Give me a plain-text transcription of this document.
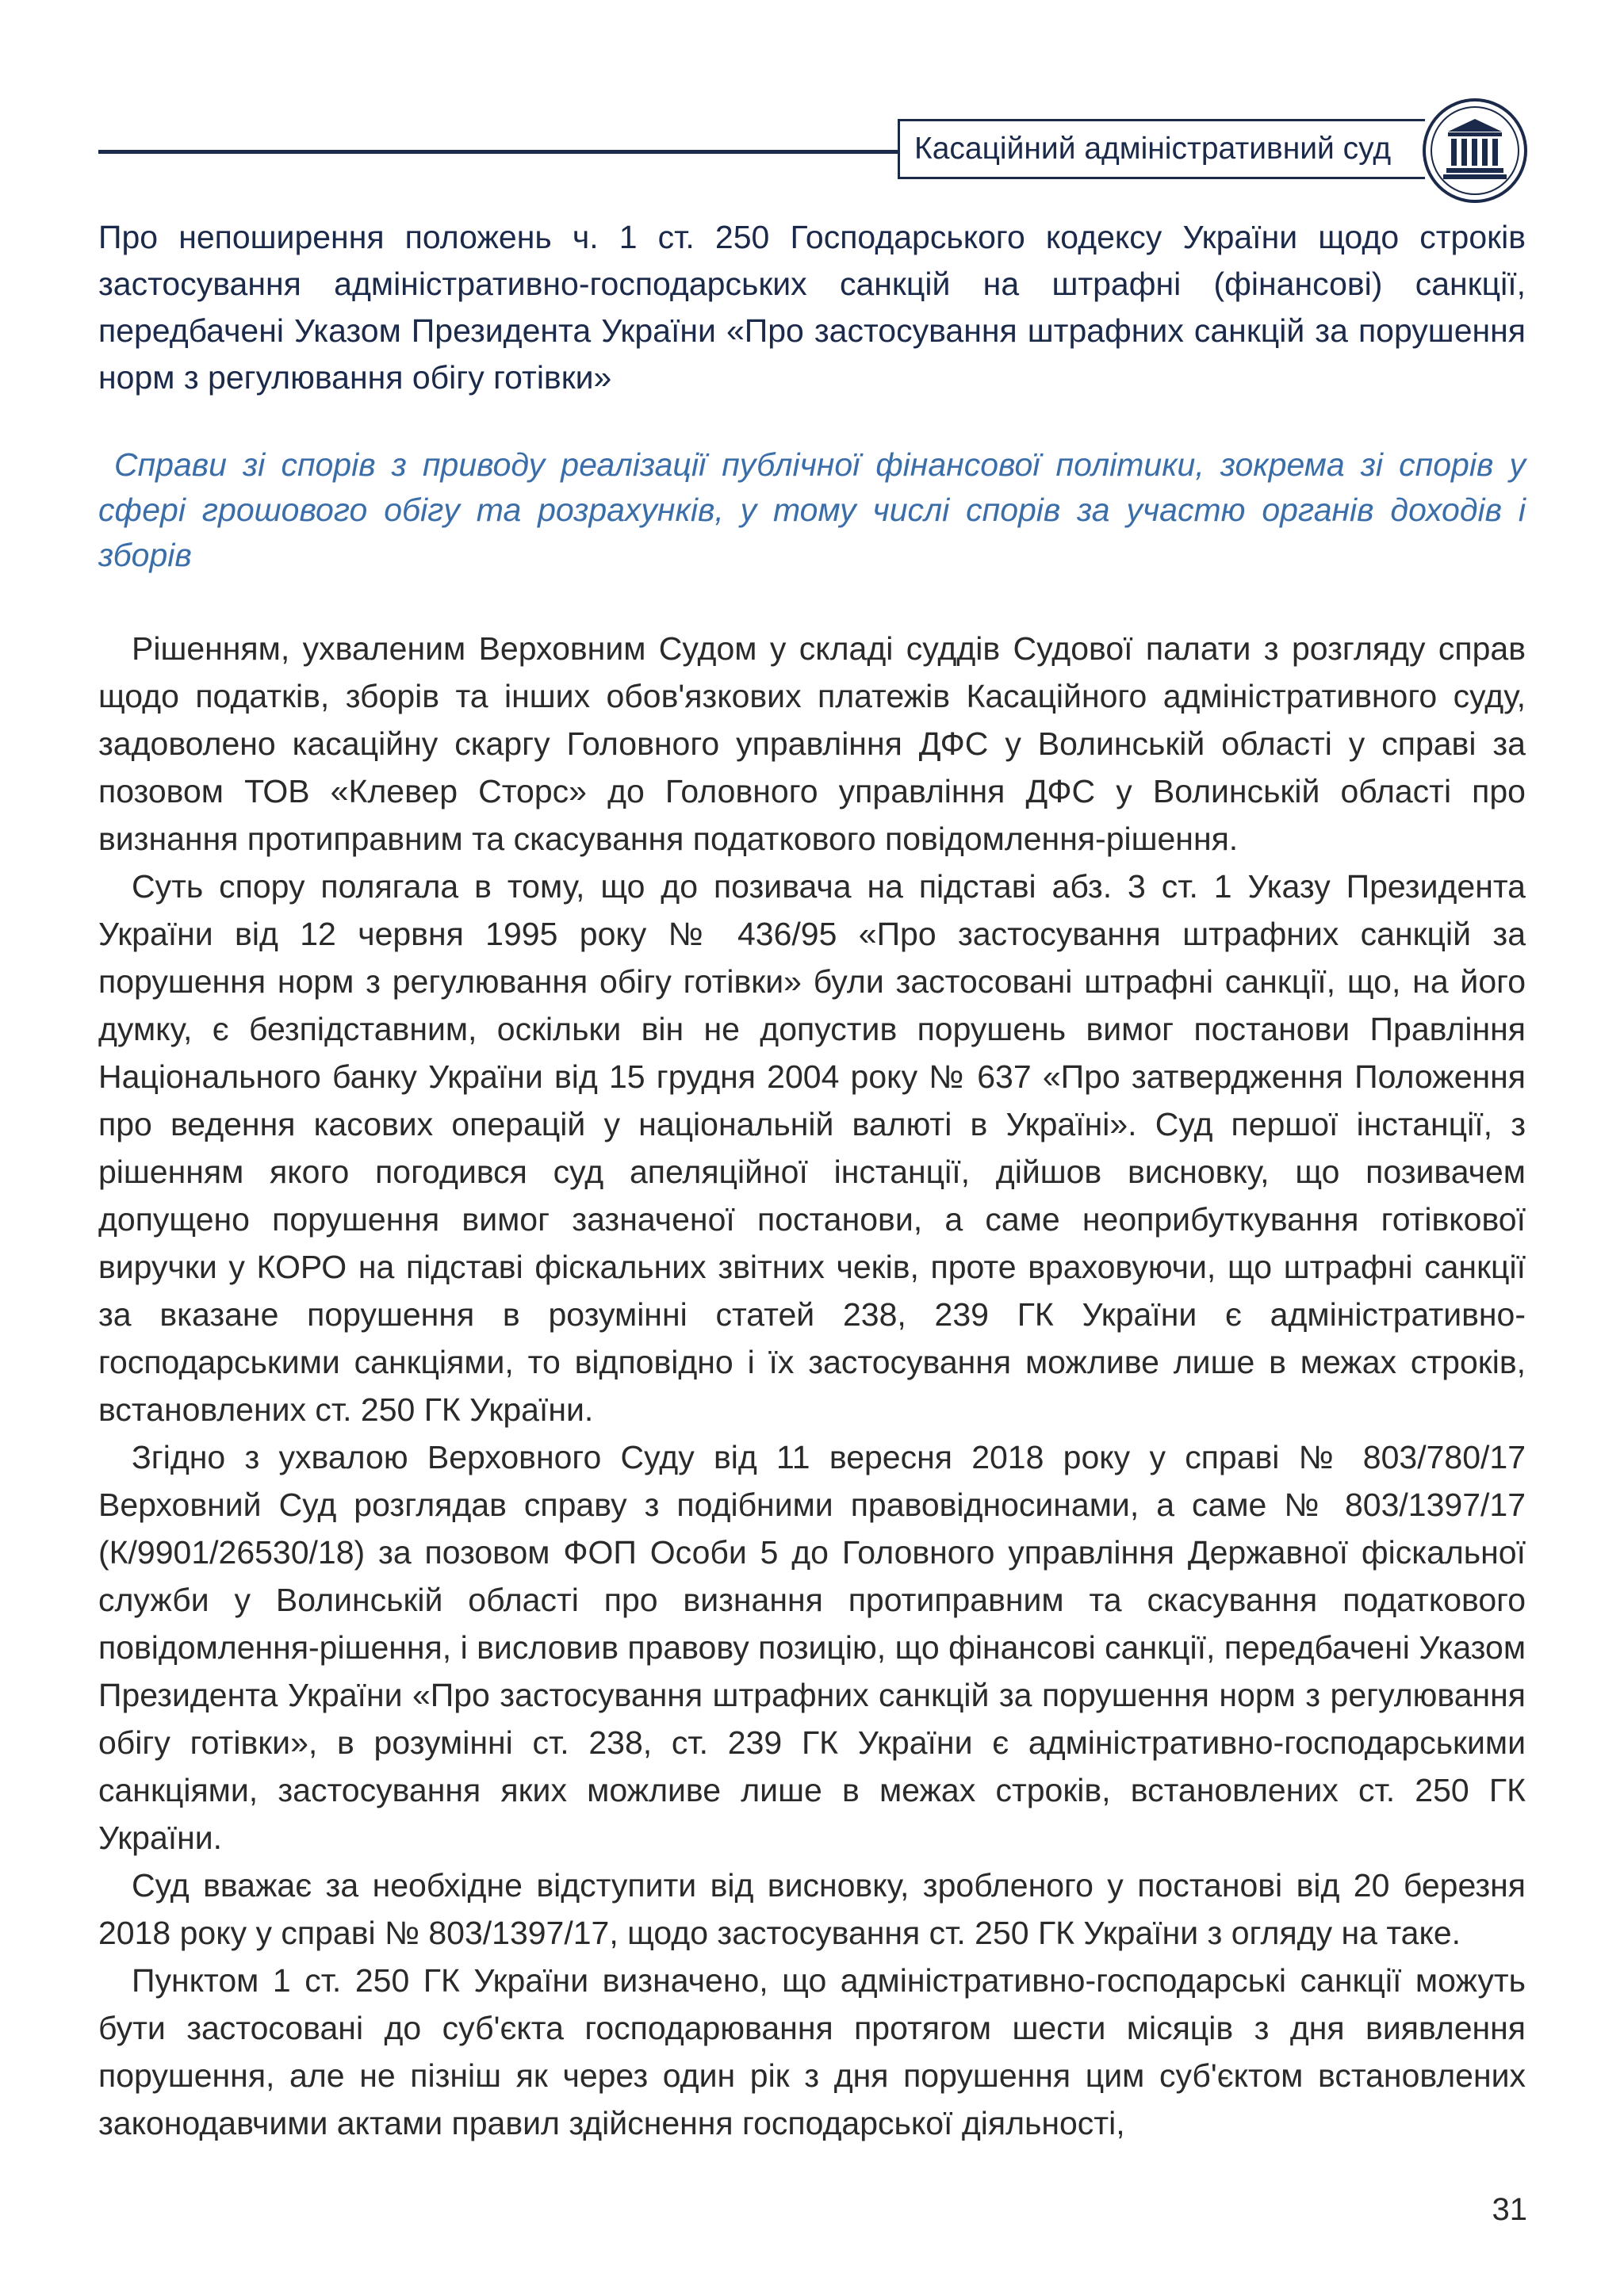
Касаційний адміністративний суд
Про непоширення положень ч. 1 ст. 250 Господарського кодексу України щодо строків застосування адміністративно-господарських санкцій на штрафні (фінансові) санкції, передбачені Указом Президента України «Про застосування штрафних санкцій за порушення норм з регулювання обігу готівки»

Справи зі спорів з приводу реалізації публічної фінансової політики, зокрема зі спорів у сфері грошового обігу та розрахунків, у тому числі спорів за участю органів доходів і зборів

Рішенням, ухваленим Верховним Судом у складі суддів Судової палати з розгляду справ щодо податків, зборів та інших обов'язкових платежів Касаційного адміністративного суду, задоволено касаційну скаргу Головного управління ДФС у Волинській області у справі за позовом ТОВ «Клевер Сторс» до Головного управління ДФС у Волинській області про визнання протиправним та скасування податкового повідомлення-рішення.

Суть спору полягала в тому, що до позивача на підставі абз. 3 ст. 1 Указу Президента України від 12 червня 1995 року № 436/95 «Про застосування штрафних санкцій за порушення норм з регулювання обігу готівки» були застосовані штрафні санкції, що, на його думку, є безпідставним, оскільки він не допустив порушень вимог постанови Правління Національного банку України від 15 грудня 2004 року № 637 «Про затвердження Положення про ведення касових операцій у національній валюті в Україні». Суд першої інстанції, з рішенням якого погодився суд апеляційної інстанції, дійшов висновку, що позивачем допущено порушення вимог зазначеної постанови, а саме неоприбуткування готівкової виручки у КОРО на підставі фіскальних звітних чеків, проте враховуючи, що штрафні санкції за вказане порушення в розумінні статей 238, 239 ГК України є адміністративно-господарськими санкціями, то відповідно і їх застосування можливе лише в межах строків, встановлених ст. 250 ГК України.

Згідно з ухвалою Верховного Суду від 11 вересня 2018 року у справі № 803/780/17 Верховний Суд розглядав справу з подібними правовідносинами, а саме № 803/1397/17 (К/9901/26530/18) за позовом ФОП Особи 5 до Головного управління Державної фіскальної служби у Волинській області про визнання протиправним та скасування податкового повідомлення-рішення, і висловив правову позицію, що фінансові санкції, передбачені Указом Президента України «Про застосування штрафних санкцій за порушення норм з регулювання обігу готівки», в розумінні ст. 238, ст. 239 ГК України є адміністративно-господарськими санкціями, застосування яких можливе лише в межах строків, встановлених ст. 250 ГК України.

Суд вважає за необхідне відступити від висновку, зробленого у постанові від 20 березня 2018 року у справі № 803/1397/17, щодо застосування ст. 250 ГК України з огляду на таке.

Пунктом 1 ст. 250 ГК України визначено, що адміністративно-господарські санкції можуть бути застосовані до суб'єкта господарювання протягом шести місяців з дня виявлення порушення, але не пізніш як через один рік з дня порушення цим суб'єктом встановлених законодавчими актами правил здійснення господарської діяльності,

31
